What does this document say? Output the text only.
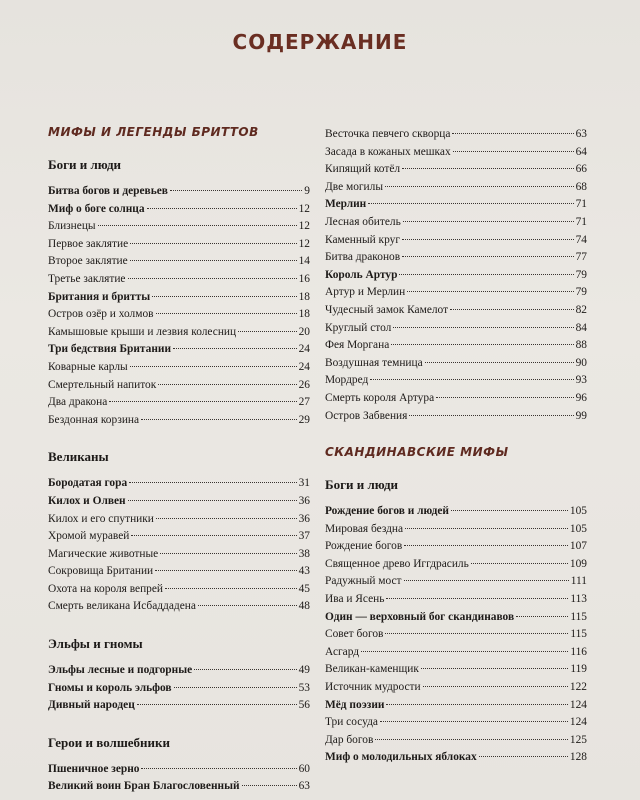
СОДЕРЖАНИЕ
МИФЫ И ЛЕГЕНДЫ БРИТТОВ
Боги и люди
Битва богов и деревьев	9
Миф о боге солнца	12
Близнецы	12
Первое заклятие	12
Второе заклятие	14
Третье заклятие	16
Британия и бритты	18
Остров озёр и холмов	18
Камышовые крыши и лезвия колесниц	20
Три бедствия Британии	24
Коварные карлы	24
Смертельный напиток	26
Два дракона	27
Бездонная корзина	29
Великаны
Бородатая гора	31
Килох и Олвен	36
Килох и его спутники	36
Хромой муравей	37
Магические животные	38
Сокровища Британии	43
Охота на короля вепрей	45
Смерть великана Исбаддадена	48
Эльфы и гномы
Эльфы лесные и подгорные	49
Гномы и король эльфов	53
Дивный народец	56
Герои и волшебники
Пшеничное зерно	60
Великий воин Бран Благословенный	63
Весточка певчего скворца	63
Засада в кожаных мешках	64
Кипящий котёл	66
Две могилы	68
Мерлин	71
Лесная обитель	71
Каменный круг	74
Битва драконов	77
Король Артур	79
Артур и Мерлин	79
Чудесный замок Камелот	82
Круглый стол	84
Фея Моргана	88
Воздушная темница	90
Мордред	93
Смерть короля Артура	96
Остров Забвения	99
СКАНДИНАВСКИЕ МИФЫ
Боги и люди
Рождение богов и людей	105
Мировая бездна	105
Рождение богов	107
Священное древо Иггдрасиль	109
Радужный мост	111
Ива и Ясень	113
Один — верховный бог скандинавов	115
Совет богов	115
Асгард	116
Великан-каменщик	119
Источник мудрости	122
Мёд поэзии	124
Три сосуда	124
Дар богов	125
Миф о молодильных яблоках	128
